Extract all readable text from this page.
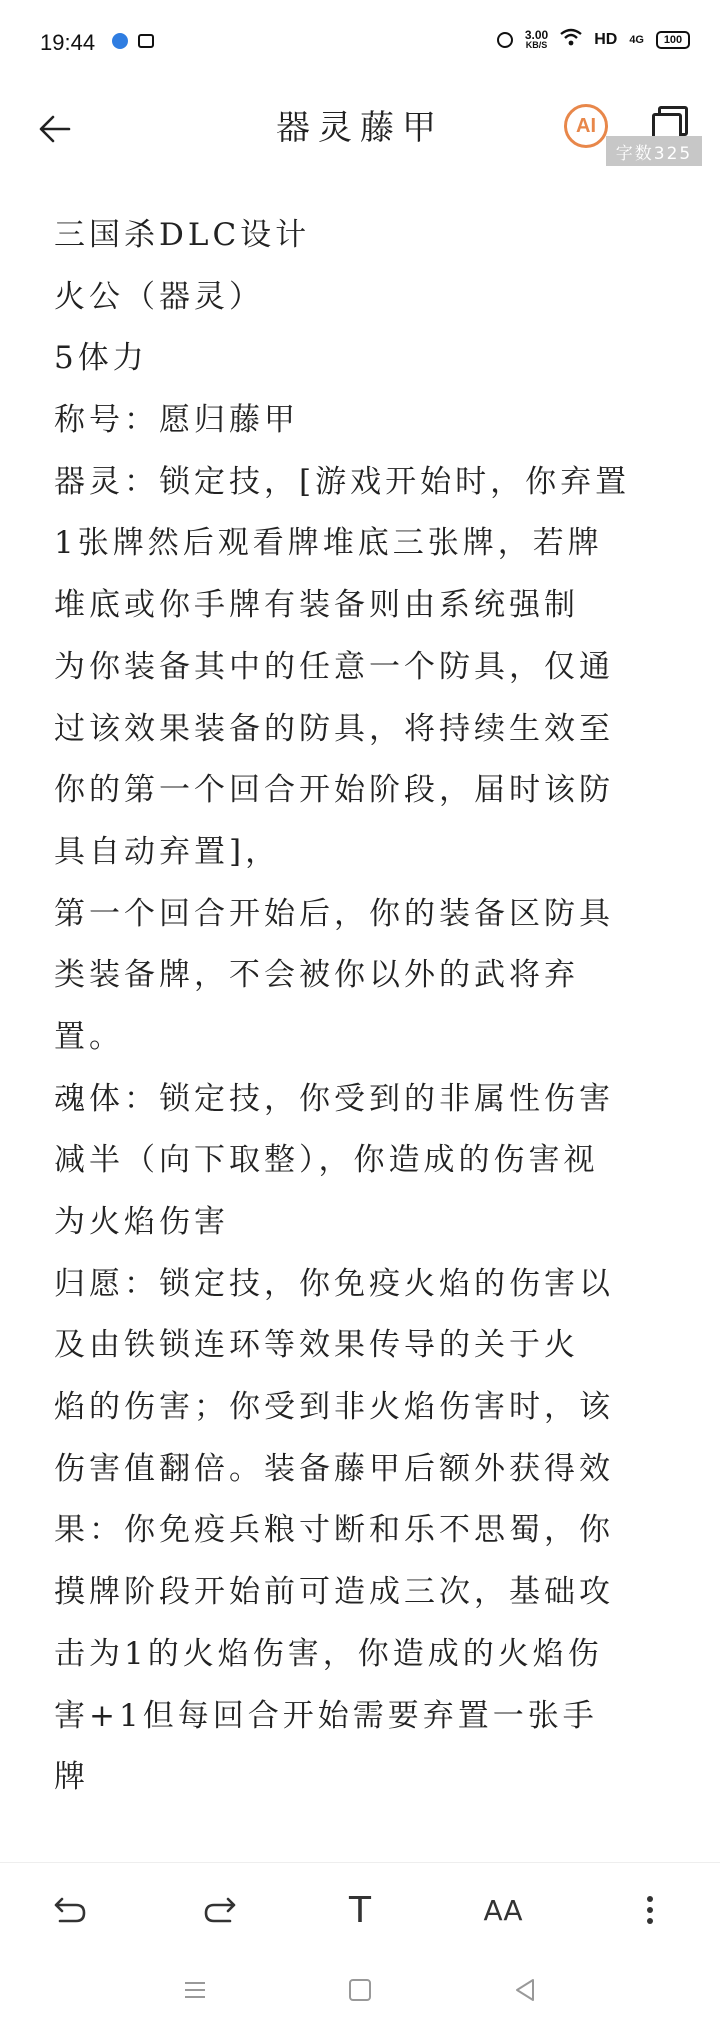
19:44	3.00
KB/S	HD 4G 100
器灵藤甲	AI
字数325
三国杀DLC设计
火公（器灵）
5体力
称号：愿归藤甲
器灵：锁定技，[游戏开始时，你弃置
1张牌然后观看牌堆底三张牌，若牌
堆底或你手牌有装备则由系统强制
为你装备其中的任意一个防具，仅通
过该效果装备的防具，将持续生效至
你的第一个回合开始阶段，届时该防
具自动弃置]，
第一个回合开始后，你的装备区防具
类装备牌，不会被你以外的武将弃
置。
魂体：锁定技，你受到的非属性伤害
减半（向下取整），你造成的伤害视
为火焰伤害
归愿：锁定技，你免疫火焰的伤害以
及由铁锁连环等效果传导的关于火
焰的伤害；你受到非火焰伤害时，该
伤害值翻倍。装备藤甲后额外获得效
果：你免疫兵粮寸断和乐不思蜀，你
摸牌阶段开始前可造成三次，基础攻
击为1的火焰伤害，你造成的火焰伤
害+1但每回合开始需要弃置一张手
牌
T	AA
